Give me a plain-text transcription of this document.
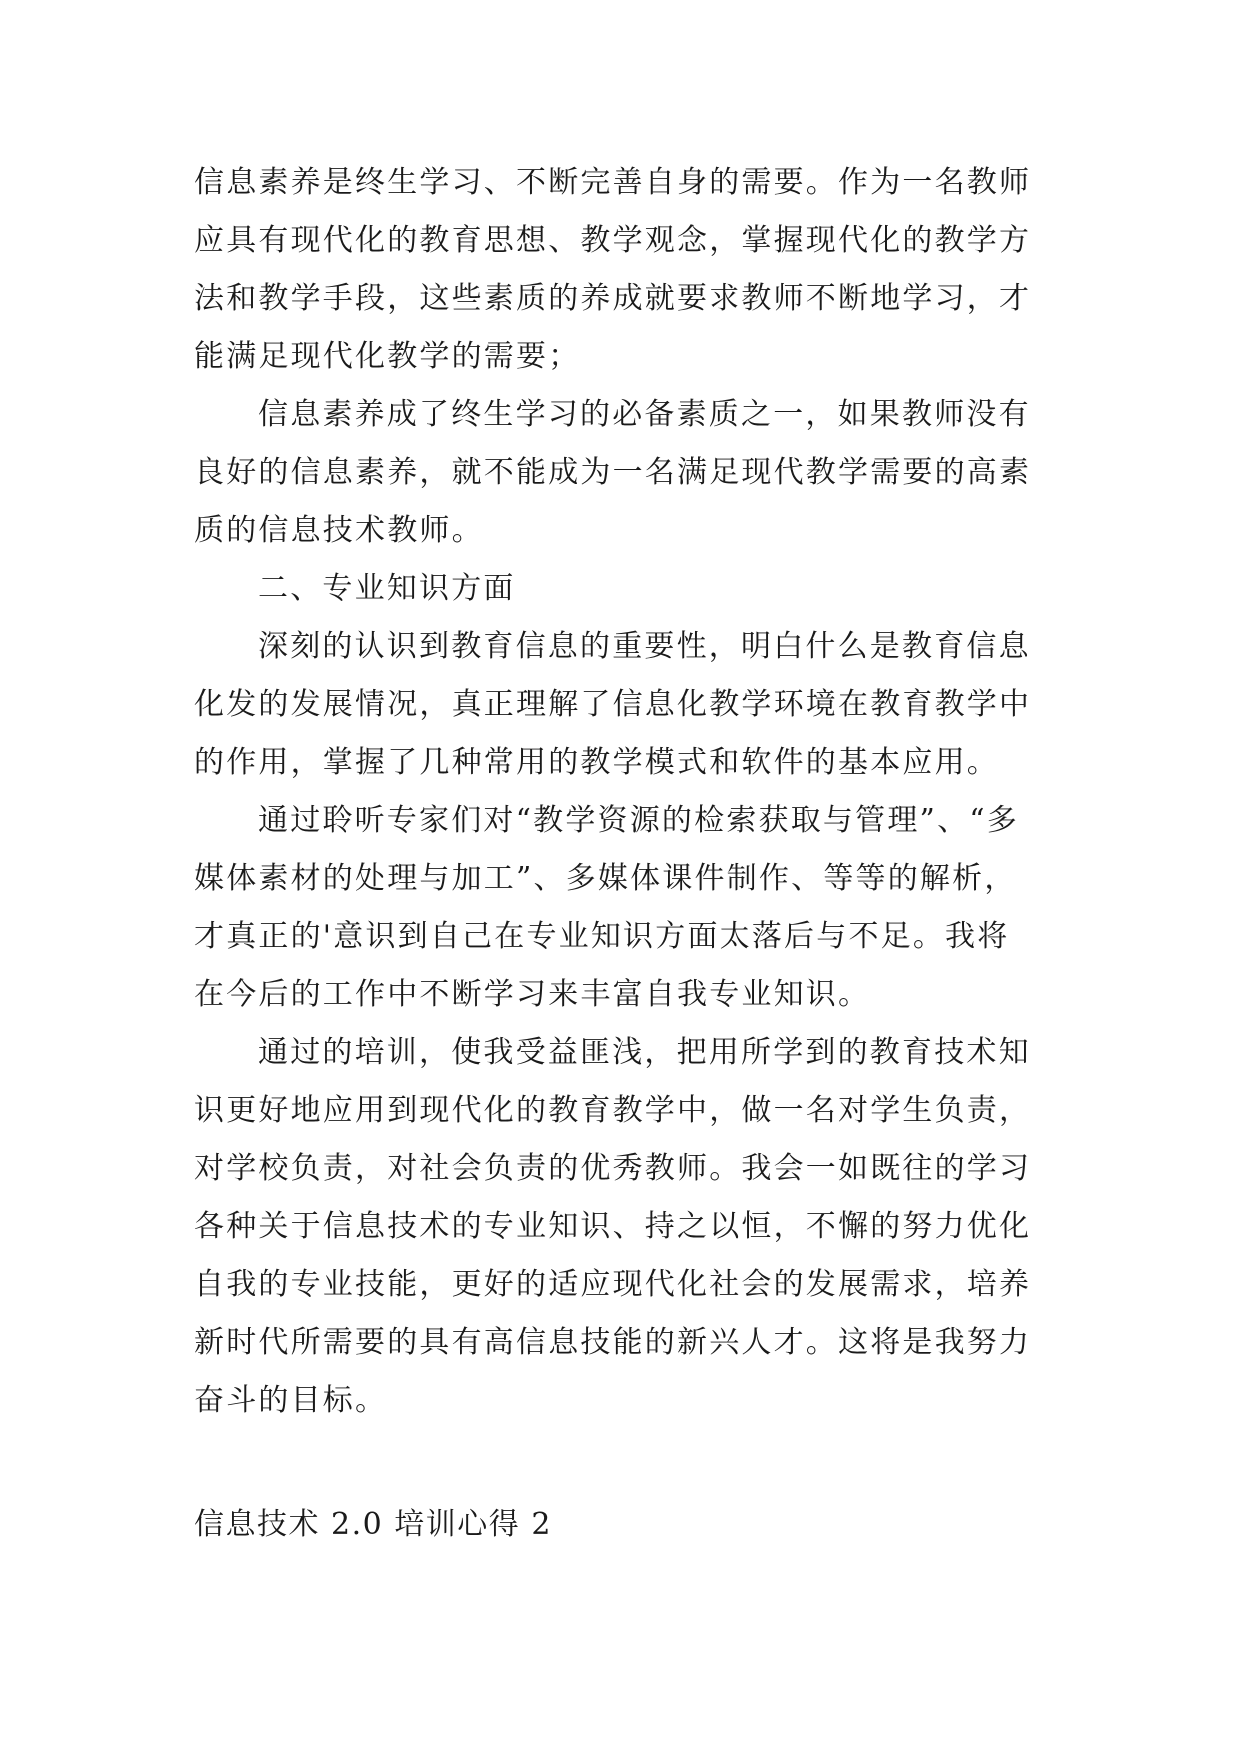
信息素养是终生学习、不断完善自身的需要。作为一名教师
应具有现代化的教育思想、教学观念，掌握现代化的教学方
法和教学手段，这些素质的养成就要求教师不断地学习，才
能满足现代化教学的需要；
信息素养成了终生学习的必备素质之一，如果教师没有
良好的信息素养，就不能成为一名满足现代教学需要的高素
质的信息技术教师。
二、专业知识方面
深刻的认识到教育信息的重要性，明白什么是教育信息
化发的发展情况，真正理解了信息化教学环境在教育教学中
的作用，掌握了几种常用的教学模式和软件的基本应用。
通过聆听专家们对“教学资源的检索获取与管理”、“多
媒体素材的处理与加工”、多媒体课件制作、等等的解析，
才真正的'意识到自己在专业知识方面太落后与不足。我将
在今后的工作中不断学习来丰富自我专业知识。
通过的培训，使我受益匪浅，把用所学到的教育技术知
识更好地应用到现代化的教育教学中，做一名对学生负责，
对学校负责，对社会负责的优秀教师。我会一如既往的学习
各种关于信息技术的专业知识、持之以恒，不懈的努力优化
自我的专业技能，更好的适应现代化社会的发展需求，培养
新时代所需要的具有高信息技能的新兴人才。这将是我努力
奋斗的目标。
信息技术 2.0 培训心得 2
